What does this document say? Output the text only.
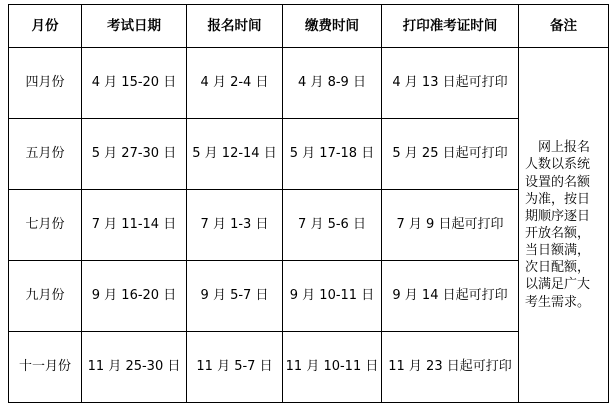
月份	考试日期	报名时间	缴费时间	打印准考证时间	备注
四月份	4 月 15-20 日	4 月 2-4 日	4 月 8-9 日	4 月 13 日起可打印	　网上报名人数以系统设置的名额为准，按日期顺序逐日开放名额，当日额满，次日配额，以满足广大考生需求。
五月份	5 月 27-30 日	5 月 12-14 日	5 月 17-18 日	5 月 25 日起可打印	
七月份	7 月 11-14 日	7 月 1-3 日	7 月 5-6 日	7 月 9 日起可打印	
九月份	9 月 16-20 日	9 月 5-7 日	9 月 10-11 日	9 月 14 日起可打印	
十一月份	11 月 25-30 日	11 月 5-7 日	11 月 10-11 日	11 月 23 日起可打印	
